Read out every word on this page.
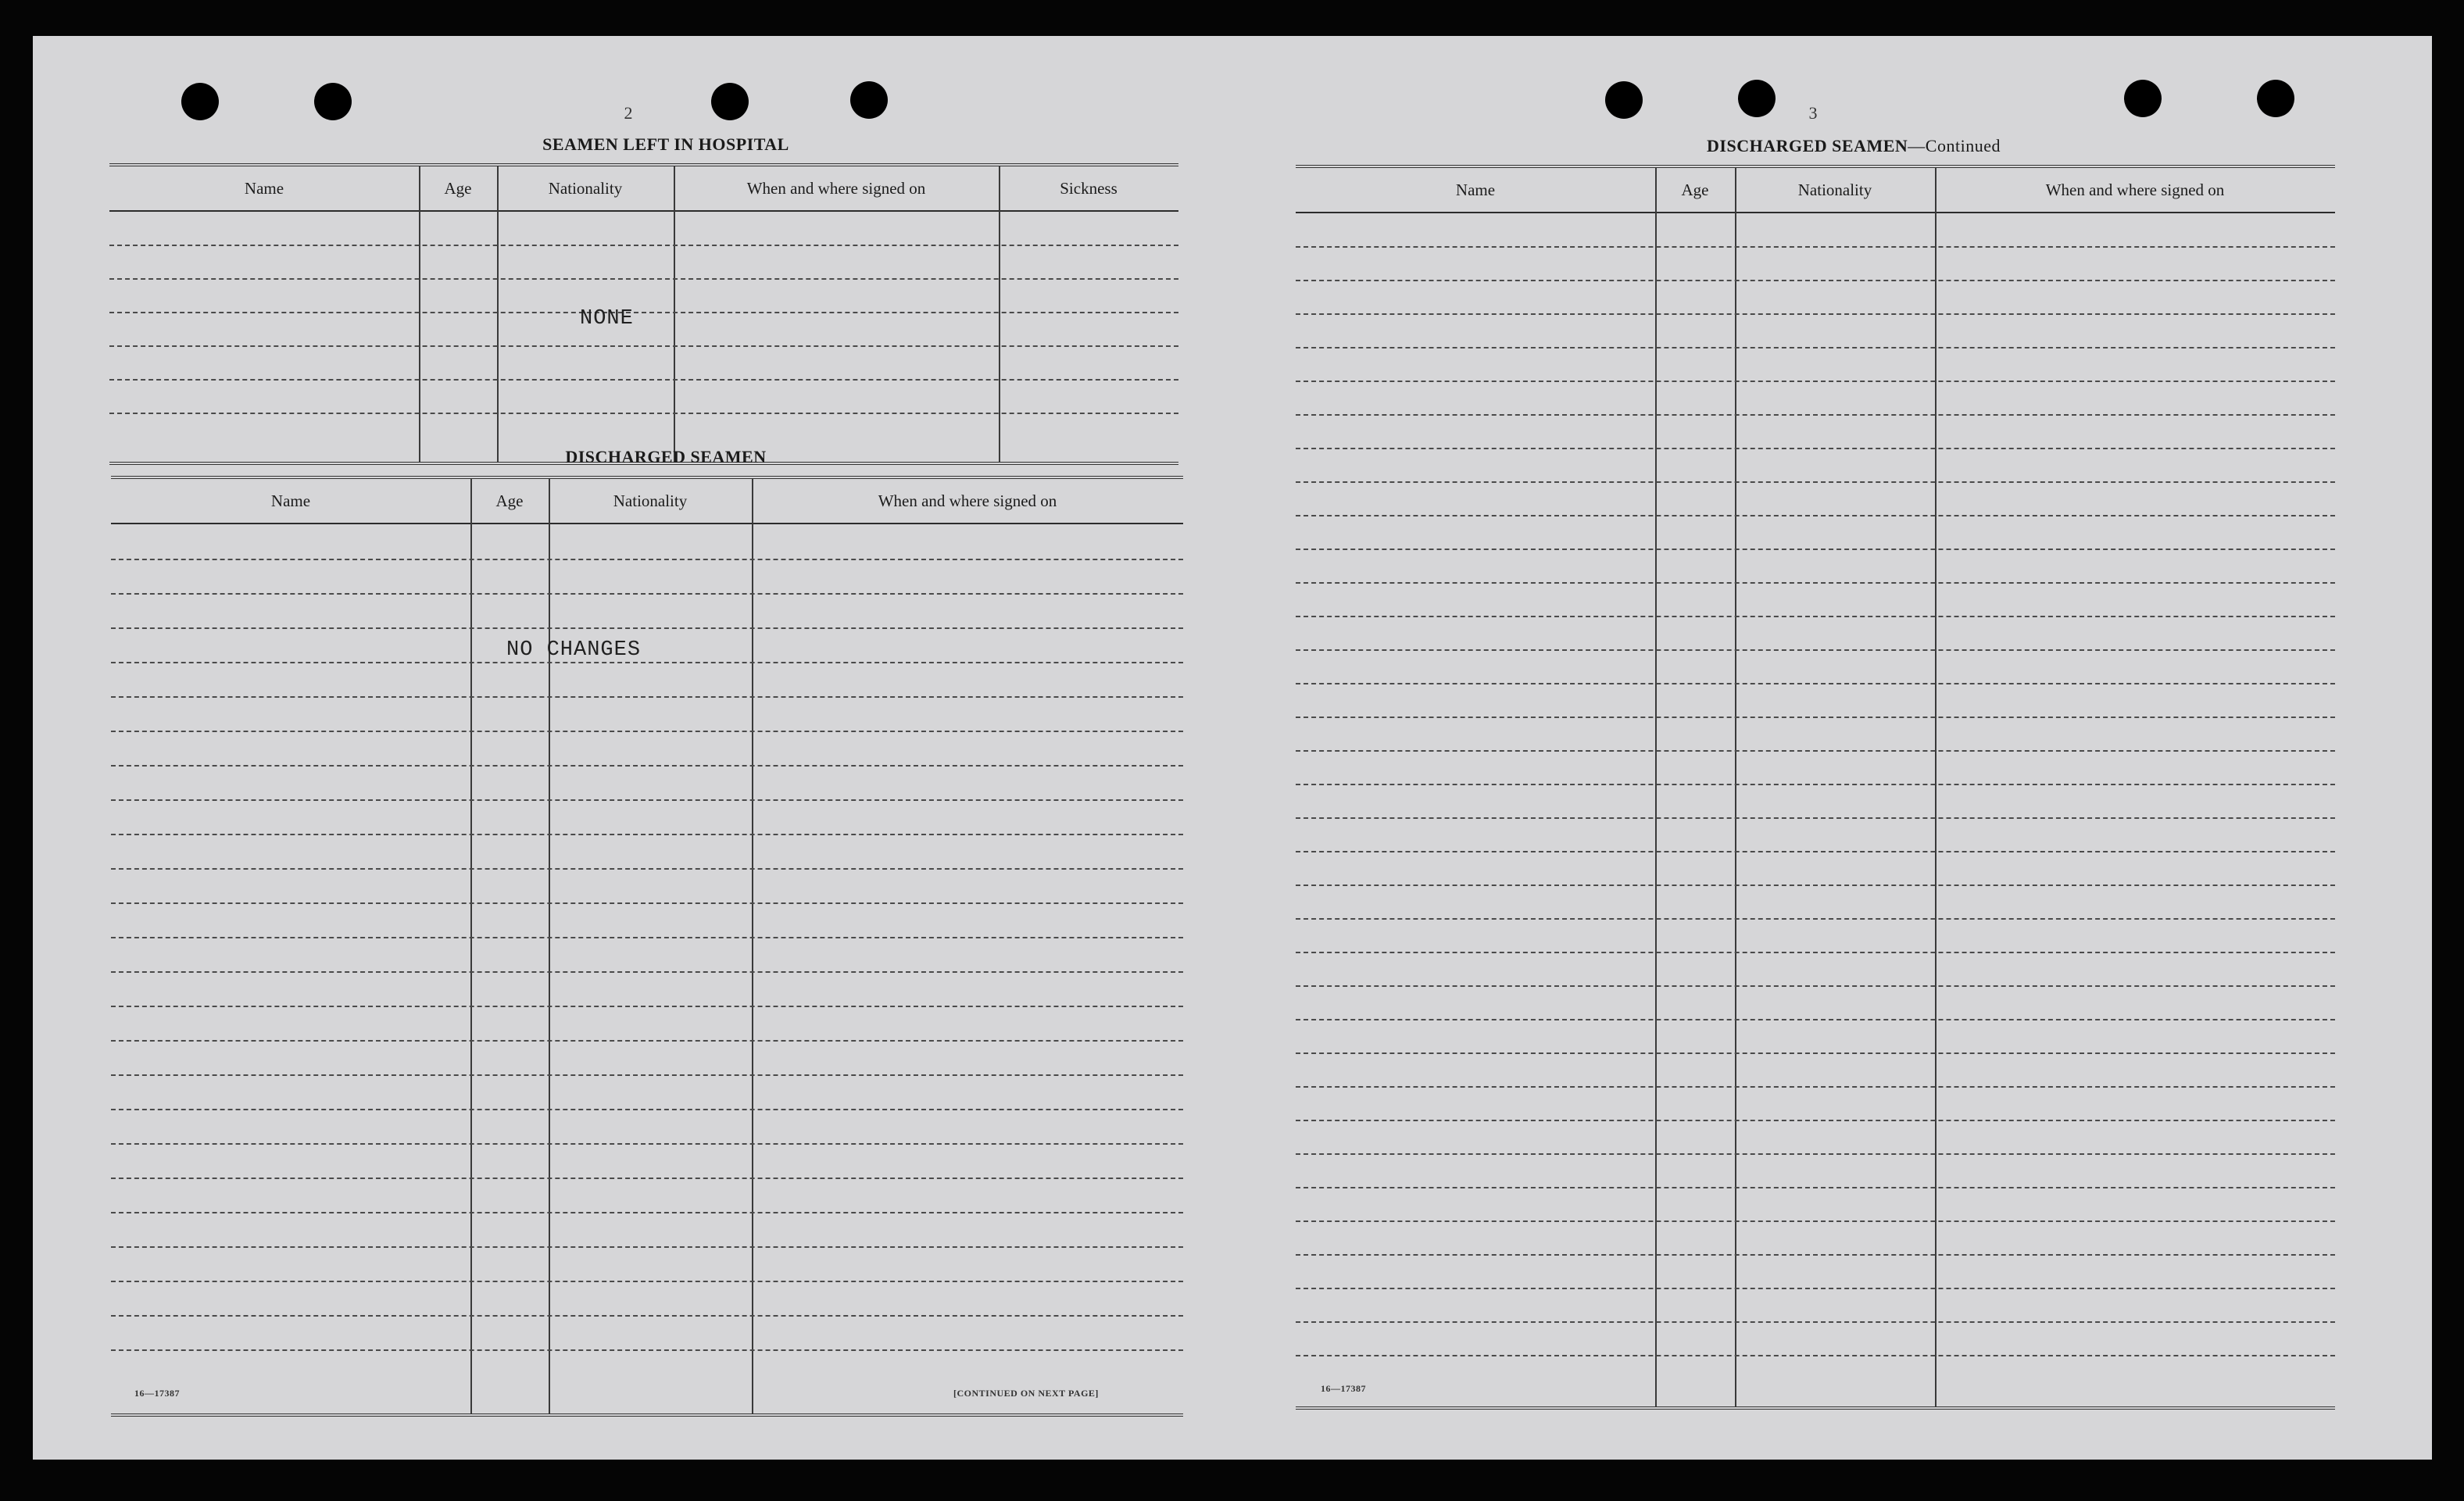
2
SEAMEN LEFT IN HOSPITAL
Name	Age	Nationality	When and where signed on	Sickness
NONE
DISCHARGED SEAMEN
Name	Age	Nationality	When and where signed on
NO CHANGES
16—17387	[CONTINUED ON NEXT PAGE]
3
DISCHARGED SEAMEN—Continued
Name	Age	Nationality	When and where signed on
16—17387
